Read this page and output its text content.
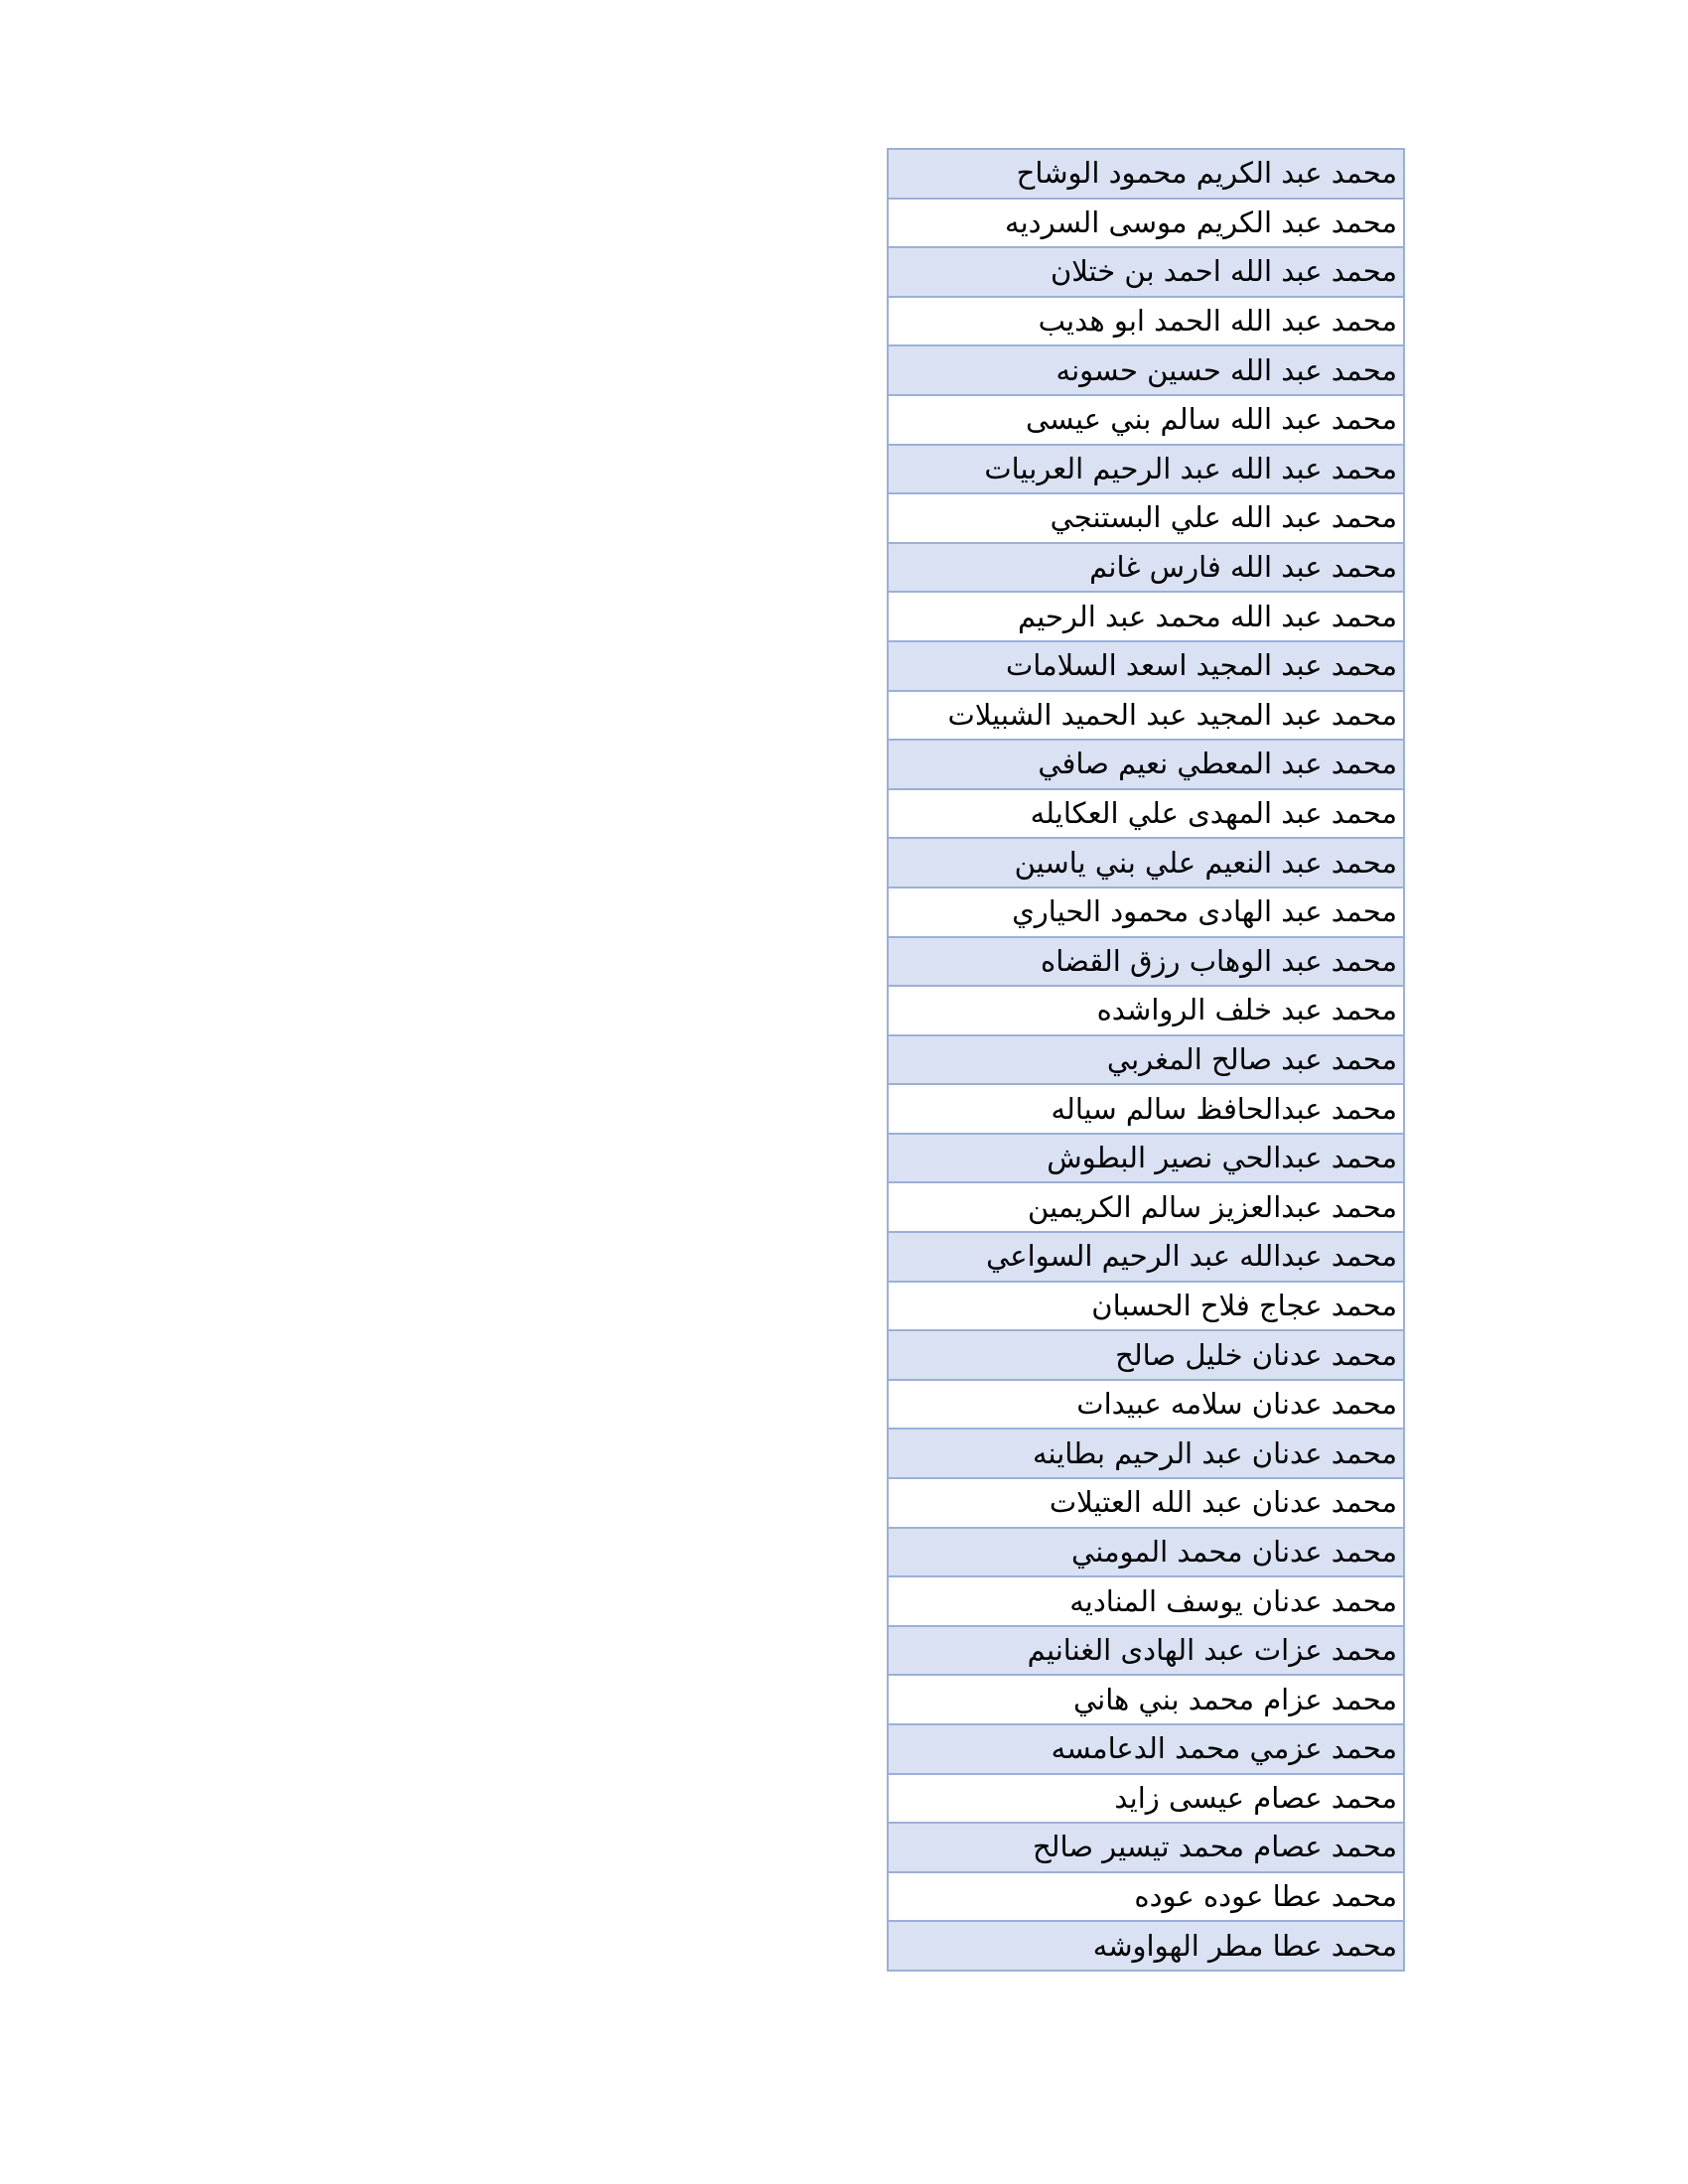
محمد عبد الكريم محمود الوشاح
محمد عبد الكريم موسى السرديه
محمد عبد الله احمد بن ختلان
محمد عبد الله الحمد ابو هديب
محمد عبد الله حسين حسونه
محمد عبد الله سالم بني عيسى
محمد عبد الله عبد الرحيم العربيات
محمد عبد الله علي البستنجي
محمد عبد الله فارس غانم
محمد عبد الله محمد عبد الرحيم
محمد عبد المجيد اسعد السلامات
محمد عبد المجيد عبد الحميد الشبيلات
محمد عبد المعطي نعيم صافي
محمد عبد المهدى علي العكايله
محمد عبد النعيم علي بني ياسين
محمد عبد الهادى محمود الحياري
محمد عبد الوهاب رزق القضاه
محمد عبد خلف الرواشده
محمد عبد صالح المغربي
محمد عبدالحافظ سالم سياله
محمد عبدالحي نصير البطوش
محمد عبدالعزيز سالم الكريمين
محمد عبدالله عبد الرحيم السواعي
محمد عجاج فلاح الحسبان
محمد عدنان خليل صالح
محمد عدنان سلامه عبيدات
محمد عدنان عبد الرحيم بطاينه
محمد عدنان عبد الله العتيلات
محمد عدنان محمد المومني
محمد عدنان يوسف المناديه
محمد عزات عبد الهادى الغنانيم
محمد عزام محمد بني هاني
محمد عزمي محمد الدعامسه
محمد عصام عيسى زايد
محمد عصام محمد تيسير صالح
محمد عطا عوده عوده
محمد عطا مطر الهواوشه
